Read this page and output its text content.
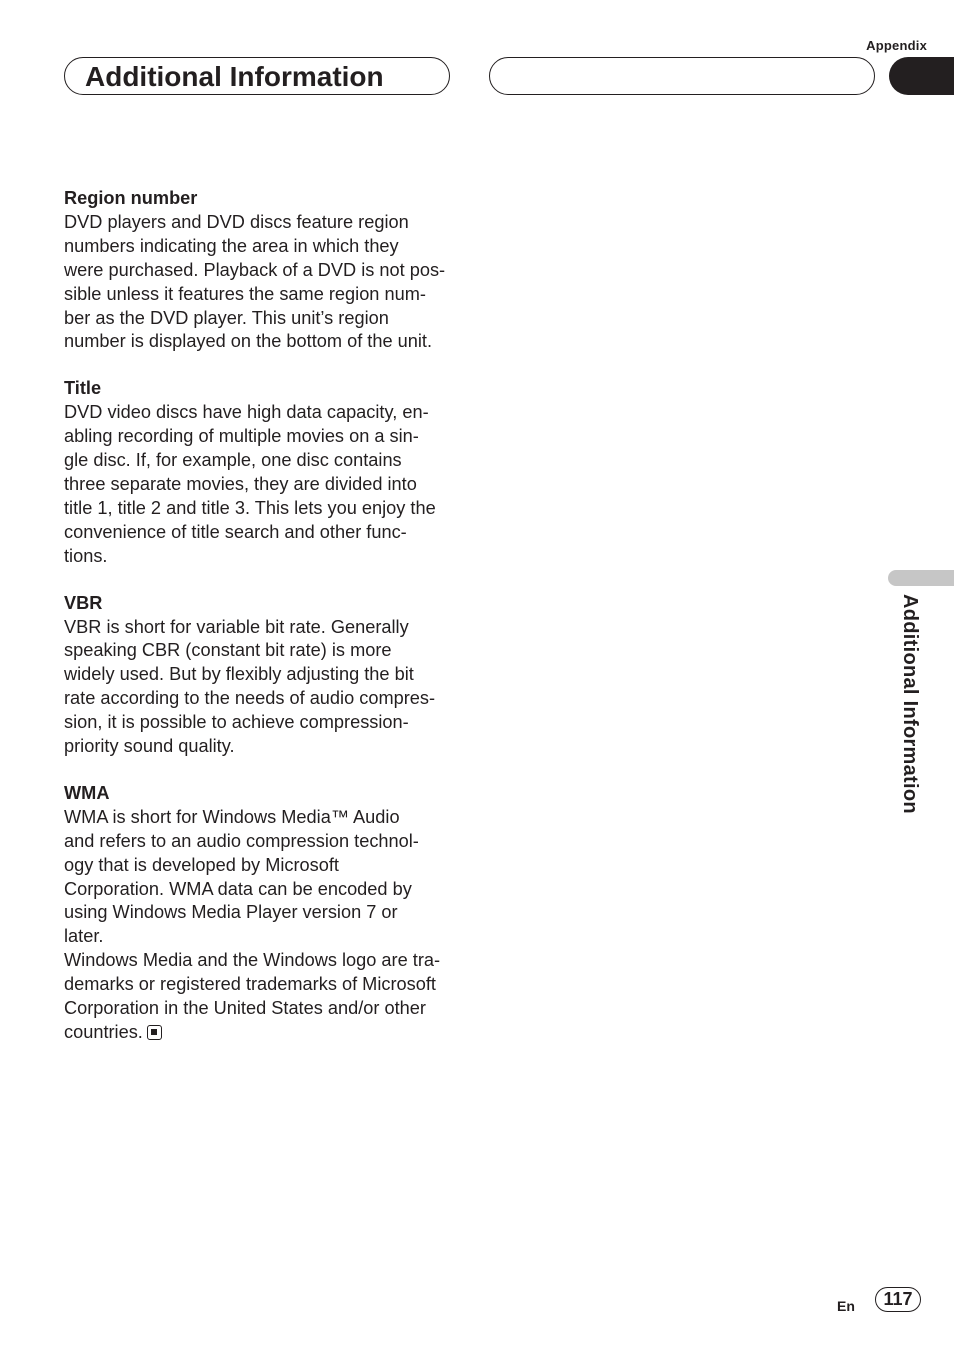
Appendix
Additional Information
Region number
DVD players and DVD discs feature region
numbers indicating the area in which they
were purchased. Playback of a DVD is not pos-
sible unless it features the same region num-
ber as the DVD player. This unit’s region
number is displayed on the bottom of the unit.
Title
DVD video discs have high data capacity, en-
abling recording of multiple movies on a sin-
gle disc. If, for example, one disc contains
three separate movies, they are divided into
title 1, title 2 and title 3. This lets you enjoy the
convenience of title search and other func-
tions.
VBR
VBR is short for variable bit rate. Generally
speaking CBR (constant bit rate) is more
widely used. But by flexibly adjusting the bit
rate according to the needs of audio compres-
sion, it is possible to achieve compression-
priority sound quality.
WMA
WMA is short for Windows Media™ Audio
and refers to an audio compression technol-
ogy that is developed by Microsoft
Corporation. WMA data can be encoded by
using Windows Media Player version 7 or
later.
Windows Media and the Windows logo are tra-
demarks or registered trademarks of Microsoft
Corporation in the United States and/or other
countries.
Additional Information
En	117
